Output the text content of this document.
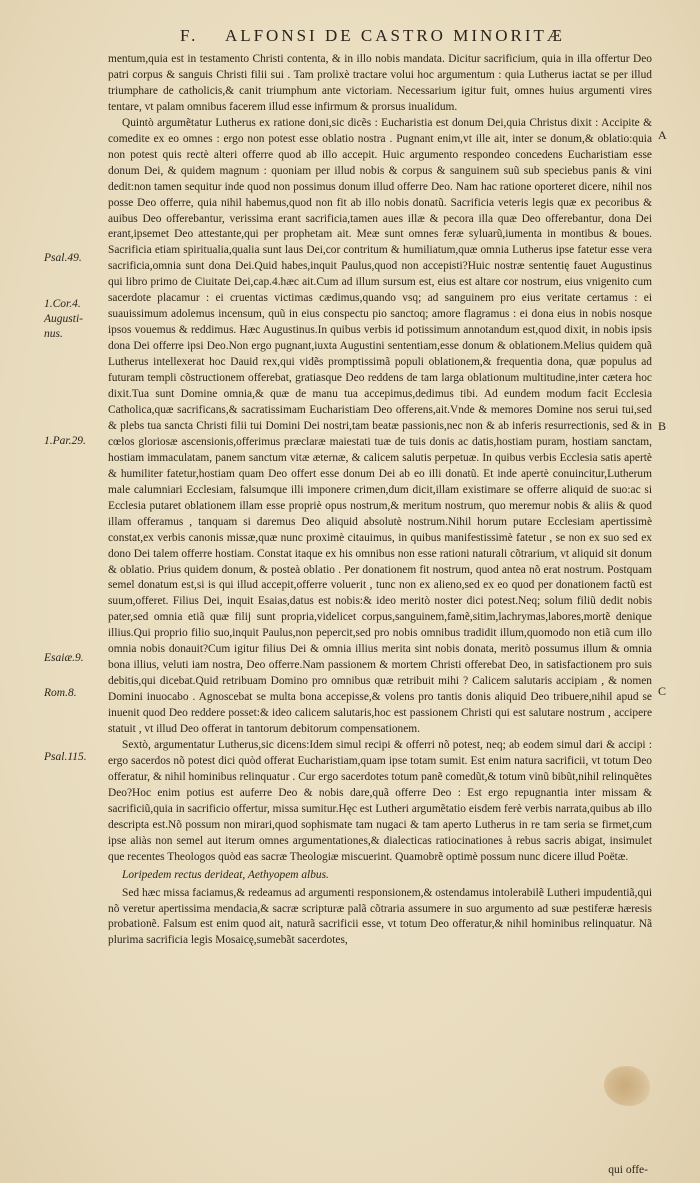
F. ALFONSI DE CASTRO MINORITÆ
Psal.49.
1.Cor.4.
Augusti-
nus.
1.Par.29.
Esaiæ.9.
Rom.8.
Psal.115.
A
B
C

mentum,quia est in testamento Christi contenta, & in illo nobis mandata. Dicitur sacrificium, quia in illa offertur Deo patri corpus & sanguis Christi filii sui . Tam prolixè tractare volui hoc argumentum : quia Lutherus iactat se per illud triumphare de catholicis,& canit triumphum ante victoriam. Necessarium igitur fuit, omnes huius argumenti vires tentare, vt palam omnibus facerem illud esse infirmum & prorsus inualidum.

Quintò argumẽtatur Lutherus ex ratione doni,sic dicẽs : Eucharistia est donum Dei,quia Christus dixit : Accipite & comedite ex eo omnes : ergo non potest esse oblatio nostra . Pugnant enim,vt ille ait, inter se donum,& oblatio:quia non potest quis rectè alteri offerre quod ab illo accepit. Huic argumento respondeo concedens Eucharistiam esse donum Dei, & quidem magnum : quoniam per illud nobis & corpus & sanguinem suũ sub speciebus panis & vini dedit:non tamen sequitur inde quod non possimus donum illud offerre Deo. Nam hac ratione oporteret dicere, nihil nos posse Deo offerre, quia nihil habemus,quod non fit ab illo nobis donatũ. Sacrificia veteris legis quæ ex pecoribus & auibus Deo offerebantur, verissima erant sacrificia,tamen aues illæ & pecora illa quæ Deo offerebantur, dona Dei erant,ipsemet Deo attestante,qui per prophetam ait. Meæ sunt omnes feræ syluarũ,iumenta in montibus & boues. Sacrificia etiam spiritualia,qualia sunt laus Dei,cor contritum & humiliatum,quæ omnia Lutherus ipse fatetur esse vera sacrificia,omnia sunt dona Dei.Quid habes,inquit Paulus,quod non accepisti?Huic nostræ sententię fauet Augustinus qui libro primo de Ciuitate Dei,cap.4.hæc ait.Cum ad illum sursum est, eius est altare cor nostrum, eius vnigenito cum sacerdote placamur : ei cruentas victimas cædimus,quando vsq; ad sanguinem pro eius veritate certamus : ei suauissimum adolemus incensum, quũ in eius conspectu pio sanctoq; amore flagramus : ei dona eius in nobis nosque ipsos vouemus & reddimus. Hæc Augustinus.In quibus verbis id potissimum annotandum est,quod dixit, in nobis ipsis dona Dei offerre ipsi Deo.Non ergo pugnant,iuxta Augustini sententiam,esse donum & oblationem.Melius quidem quã Lutherus intellexerat hoc Dauid rex,qui vidẽs promptissimã populi oblationem,& frequentia dona, quæ populus ad futuram templi cõstructionem offerebat, gratiasque Deo reddens de tam larga oblationum multitudine,inter cætera hoc dixit.Tua sunt Domine omnia,& quæ de manu tua accepimus,dedimus tibi. Ad eundem modum facit Ecclesia Catholica,quæ sacrificans,& sacratissimam Eucharistiam Deo offerens,ait.Vnde & memores Domine nos serui tui,sed & plebs tua sancta Christi filii tui Domini Dei nostri,tam beatæ passionis,nec non & ab inferis resurrectionis, sed & in cœlos gloriosæ ascensionis,offerimus præclaræ maiestati tuæ de tuis donis ac datis,hostiam puram, hostiam sanctam, hostiam immaculatam, panem sanctum vitæ æternæ, & calicem salutis perpetuæ. In quibus verbis Ecclesia satis apertè & humiliter fatetur,hostiam quam Deo offert esse donum Dei ab eo illi donatũ. Et inde apertè conuincitur,Lutherum male calumniari Ecclesiam, falsumque illi imponere crimen,dum dicit,illam existimare se offerre aliquid de suo:ac si Ecclesia putaret oblationem illam esse propriè opus nostrum,& meritum nostrum, quo meremur nobis & aliis & quod illam offeramus , tanquam si daremus Deo aliquid absolutè nostrum.Nihil horum putare Ecclesiam apertissimè constat,ex verbis canonis missæ,quæ nunc proximè citauimus, in quibus manifestissimè fatetur , se non ex suo sed ex dono Dei talem offerre hostiam. Constat itaque ex his omnibus non esse rationi naturali cõtrarium, vt aliquid sit donum & oblatio. Prius quidem donum, & posteà oblatio . Per donationem fit nostrum, quod antea nõ erat nostrum. Postquam semel donatum est,si is qui illud accepit,offerre voluerit , tunc non ex alieno,sed ex eo quod per donationem factũ est suum,offeret. Filius Dei, inquit Esaias,datus est nobis:& ideo meritò noster dici potest.Neq; solum filiũ dedit nobis pater,sed omnia etiã quæ filij sunt propria,videlicet corpus,sanguinem,famẽ,sitim,lachrymas,labores,mortẽ denique illius.Qui proprio filio suo,inquit Paulus,non pepercit,sed pro nobis omnibus tradidit illum,quomodo non etiã cum illo omnia nobis donauit?Cum igitur filius Dei & omnia illius merita sint nobis donata, meritò possumus illum & omnia bona illius, veluti iam nostra, Deo offerre.Nam passionem & mortem Christi offerebat Deo, in satisfactionem pro suis debitis,qui dicebat.Quid retribuam Domino pro omnibus quæ retribuit mihi ? Calicem salutaris accipiam , & nomen Domini inuocabo . Agnoscebat se multa bona accepisse,& volens pro tantis donis aliquid Deo tribuere,nihil apud se inuenit quod Deo reddere posset:& ideo calicem salutaris,hoc est passionem Christi qui est salutare nostrum , accipere statuit , vt illud Deo offerat in tantorum debitorum compensationem.

Sextò, argumentatur Lutherus,sic dicens:Idem simul recipi & offerri nõ potest, neq; ab eodem simul dari & accipi : ergo sacerdos nõ potest dici quòd offerat Eucharistiam,quam ipse totam sumit. Est enim natura sacrificii, vt totum Deo offeratur, & nihil hominibus relinquatur . Cur ergo sacerdotes totum panẽ comedũt,& totum vinũ bibũt,nihil relinquẽtes Deo?Hoc enim potius est auferre Deo & nobis dare,quã offerre Deo : Est ergo repugnantia inter missam & sacrificiũ,quia in sacrificio offertur, missa sumitur.Hęc est Lutheri argumẽtatio eisdem ferè verbis narrata,quibus ab illo descripta est.Nõ possum non mirari,quod sophismate tam nugaci & tam aperto Lutherus in re tam seria se firmet,cum ipse aliàs non semel aut iterum omnes argumentationes,& dialecticas ratiocinationes à rebus sacris abigat, insimulet que recentes Theologos quòd eas sacræ Theologiæ miscuerint. Quamobrẽ optimè possum nunc dicere illud Poëtæ.

Loripedem rectus derideat, Aethyopem albus.

Sed hæc missa faciamus,& redeamus ad argumenti responsionem,& ostendamus intolerabilẽ Lutheri impudentiã,qui nõ veretur apertissima mendacia,& sacræ scripturæ palã cõtraria assumere in suo argumento ad suæ pestiferæ hæresis probationẽ. Falsum est enim quod ait, naturã sacrificii esse, vt totum Deo offeratur,& nihil hominibus relinquatur. Nã plurima sacrificia legis Mosaicę,sumebãt sacerdotes,

qui offe-
